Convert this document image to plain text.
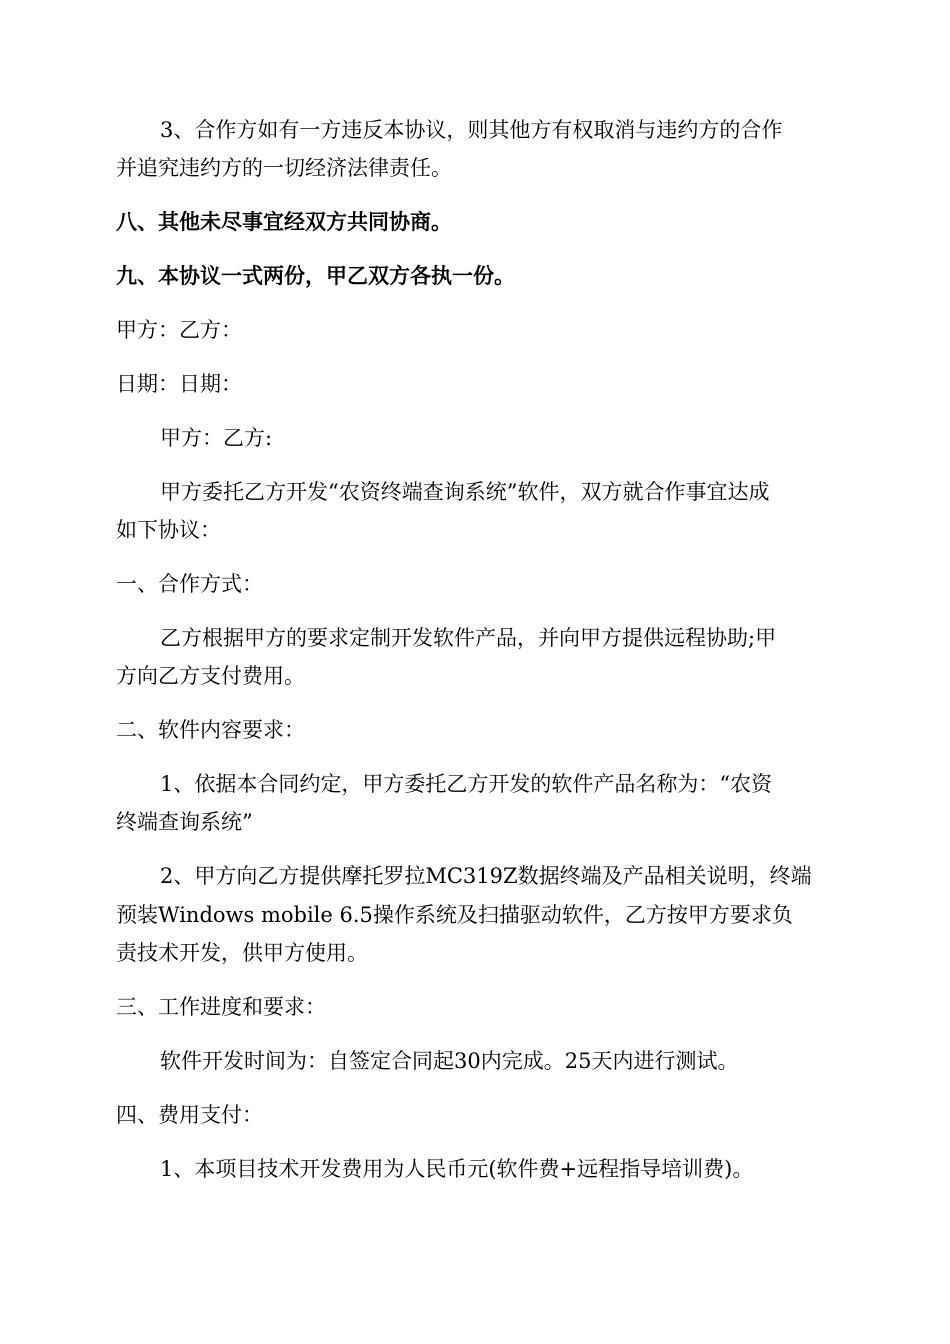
3、合作方如有一方违反本协议，则其他方有权取消与违约方的合作
并追究违约方的一切经济法律责任。
八、其他未尽事宜经双方共同协商。
九、本协议一式两份，甲乙双方各执一份。
甲方：乙方：
日期：日期：
甲方：乙方:
甲方委托乙方开发“农资终端查询系统”软件，双方就合作事宜达成
如下协议：
一、合作方式：
乙方根据甲方的要求定制开发软件产品，并向甲方提供远程协助;甲
方向乙方支付费用。
二、软件内容要求：
1、依据本合同约定，甲方委托乙方开发的软件产品名称为：“农资
终端查询系统”
2、甲方向乙方提供摩托罗拉MC319Z数据终端及产品相关说明，终端
预装Windows mobile 6.5操作系统及扫描驱动软件，乙方按甲方要求负
责技术开发，供甲方使用。
三、工作进度和要求：
软件开发时间为：自签定合同起30内完成。25天内进行测试。
四、费用支付：
1、本项目技术开发费用为人民币元(软件费+远程指导培训费)。
